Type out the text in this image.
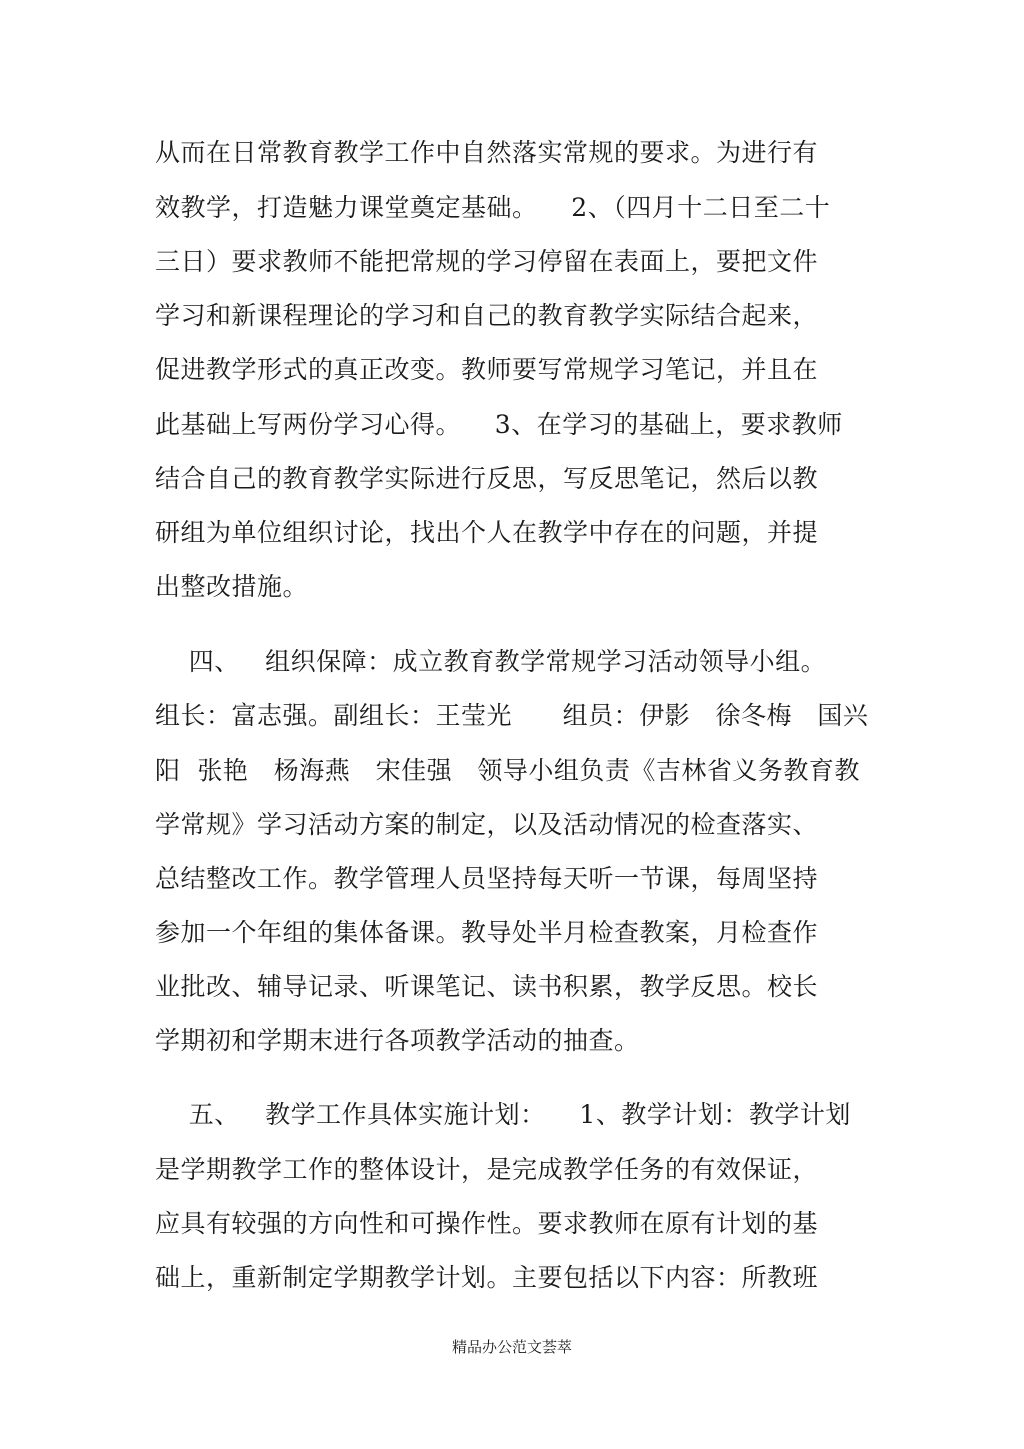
从而在日常教育教学工作中自然落实常规的要求。为进行有
效教学，打造魅力课堂奠定基础。    2、（四月十二日至二十
三日）要求教师不能把常规的学习停留在表面上，要把文件
学习和新课程理论的学习和自己的教育教学实际结合起来，
促进教学形式的真正改变。教师要写常规学习笔记，并且在
此基础上写两份学习心得。    3、在学习的基础上，要求教师
结合自己的教育教学实际进行反思，写反思笔记，然后以教
研组为单位组织讨论，找出个人在教学中存在的问题，并提
出整改措施。
四、   组织保障：成立教育教学常规学习活动领导小组。
组长：富志强。副组长：王莹光      组员：伊影   徐冬梅   国兴
阳  张艳   杨海燕   宋佳强   领导小组负责《吉林省义务教育教
学常规》学习活动方案的制定，以及活动情况的检查落实、
总结整改工作。教学管理人员坚持每天听一节课，每周坚持
参加一个年组的集体备课。教导处半月检查教案，月检查作
业批改、辅导记录、听课笔记、读书积累，教学反思。校长
学期初和学期末进行各项教学活动的抽查。
五、   教学工作具体实施计划：    1、教学计划：教学计划
是学期教学工作的整体设计，是完成教学任务的有效保证，
应具有较强的方向性和可操作性。要求教师在原有计划的基
础上，重新制定学期教学计划。主要包括以下内容：所教班
精品办公范文荟萃
